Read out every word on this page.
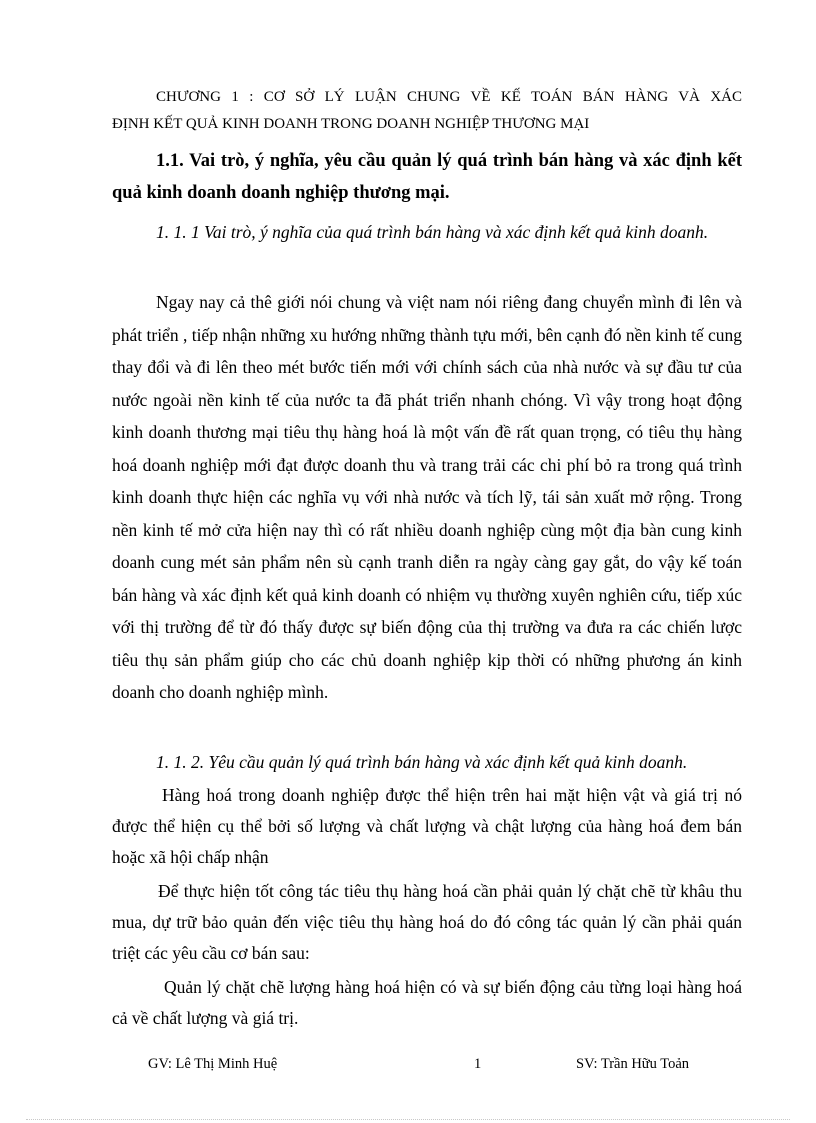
CHƯƠNG 1 : CƠ SỞ LÝ LUẬN CHUNG VỀ KẾ TOÁN BÁN HÀNG VÀ XÁC
ĐỊNH KẾT QUẢ KINH DOANH TRONG DOANH NGHIỆP THƯƠNG MẠI
1.1. Vai trò, ý nghĩa, yêu cầu quản lý quá trình bán hàng và xác định kết quả kinh doanh doanh nghiệp thương mại.
1. 1. 1 Vai trò, ý nghĩa của quá trình bán hàng và xác định kết quả kinh doanh.
Ngay nay cả thê giới nói chung và việt nam nói riêng đang chuyển mình đi lên và phát triển , tiếp nhận những xu hướng những thành tựu mới, bên cạnh đó nền kinh tế cung thay đổi và đi lên theo mét bước tiến mới với chính sách của nhà nước và sự đầu tư của nước ngoài nền kinh tế của nước ta đã phát triển nhanh chóng. Vì vậy trong hoạt động kinh doanh thương mại tiêu thụ hàng hoá là một vấn đề rất quan trọng, có tiêu thụ hàng hoá doanh nghiệp mới đạt được doanh thu và trang trải các chi phí bỏ ra trong quá trình kinh doanh thực hiện các nghĩa vụ với nhà nước và tích lỹ, tái sản xuất mở rộng. Trong nền kinh tế mở cửa hiện nay thì có rất nhiều doanh nghiệp cùng một địa bàn cung kinh doanh cung mét sản phẩm nên sù cạnh tranh diễn ra ngày càng gay gắt, do vậy kế toán bán hàng và xác định kết quả kinh doanh có nhiệm vụ thường xuyên nghiên cứu, tiếp xúc với thị trường để từ đó thấy được sự biến động của thị trường va đưa ra các chiến lược tiêu thụ sản phẩm giúp cho các chủ doanh nghiệp kịp thời có những phương án kinh doanh cho doanh nghiệp mình.
1. 1. 2. Yêu cầu quản lý quá trình bán hàng và xác định kết quả kinh doanh.
Hàng hoá trong doanh nghiệp được thể hiện trên hai mặt hiện vật và giá trị nó được thể hiện cụ thể bởi số lượng và chất lượng và chật lượng của hàng hoá đem bán hoặc xã hội chấp nhận
Để thực hiện tốt công tác tiêu thụ hàng hoá cần phải quản lý chặt chẽ từ khâu thu mua, dự trữ bảo quản đến việc tiêu thụ hàng hoá do đó công tác quản lý cần phải quán triệt các yêu cầu cơ bán sau:
Quản lý chặt chẽ lượng hàng hoá hiện có và sự biến động cảu từng loại hàng hoá cả về chất lượng và giá trị.
GV: Lê Thị Minh Huệ	1	SV: Trần Hữu Toản
